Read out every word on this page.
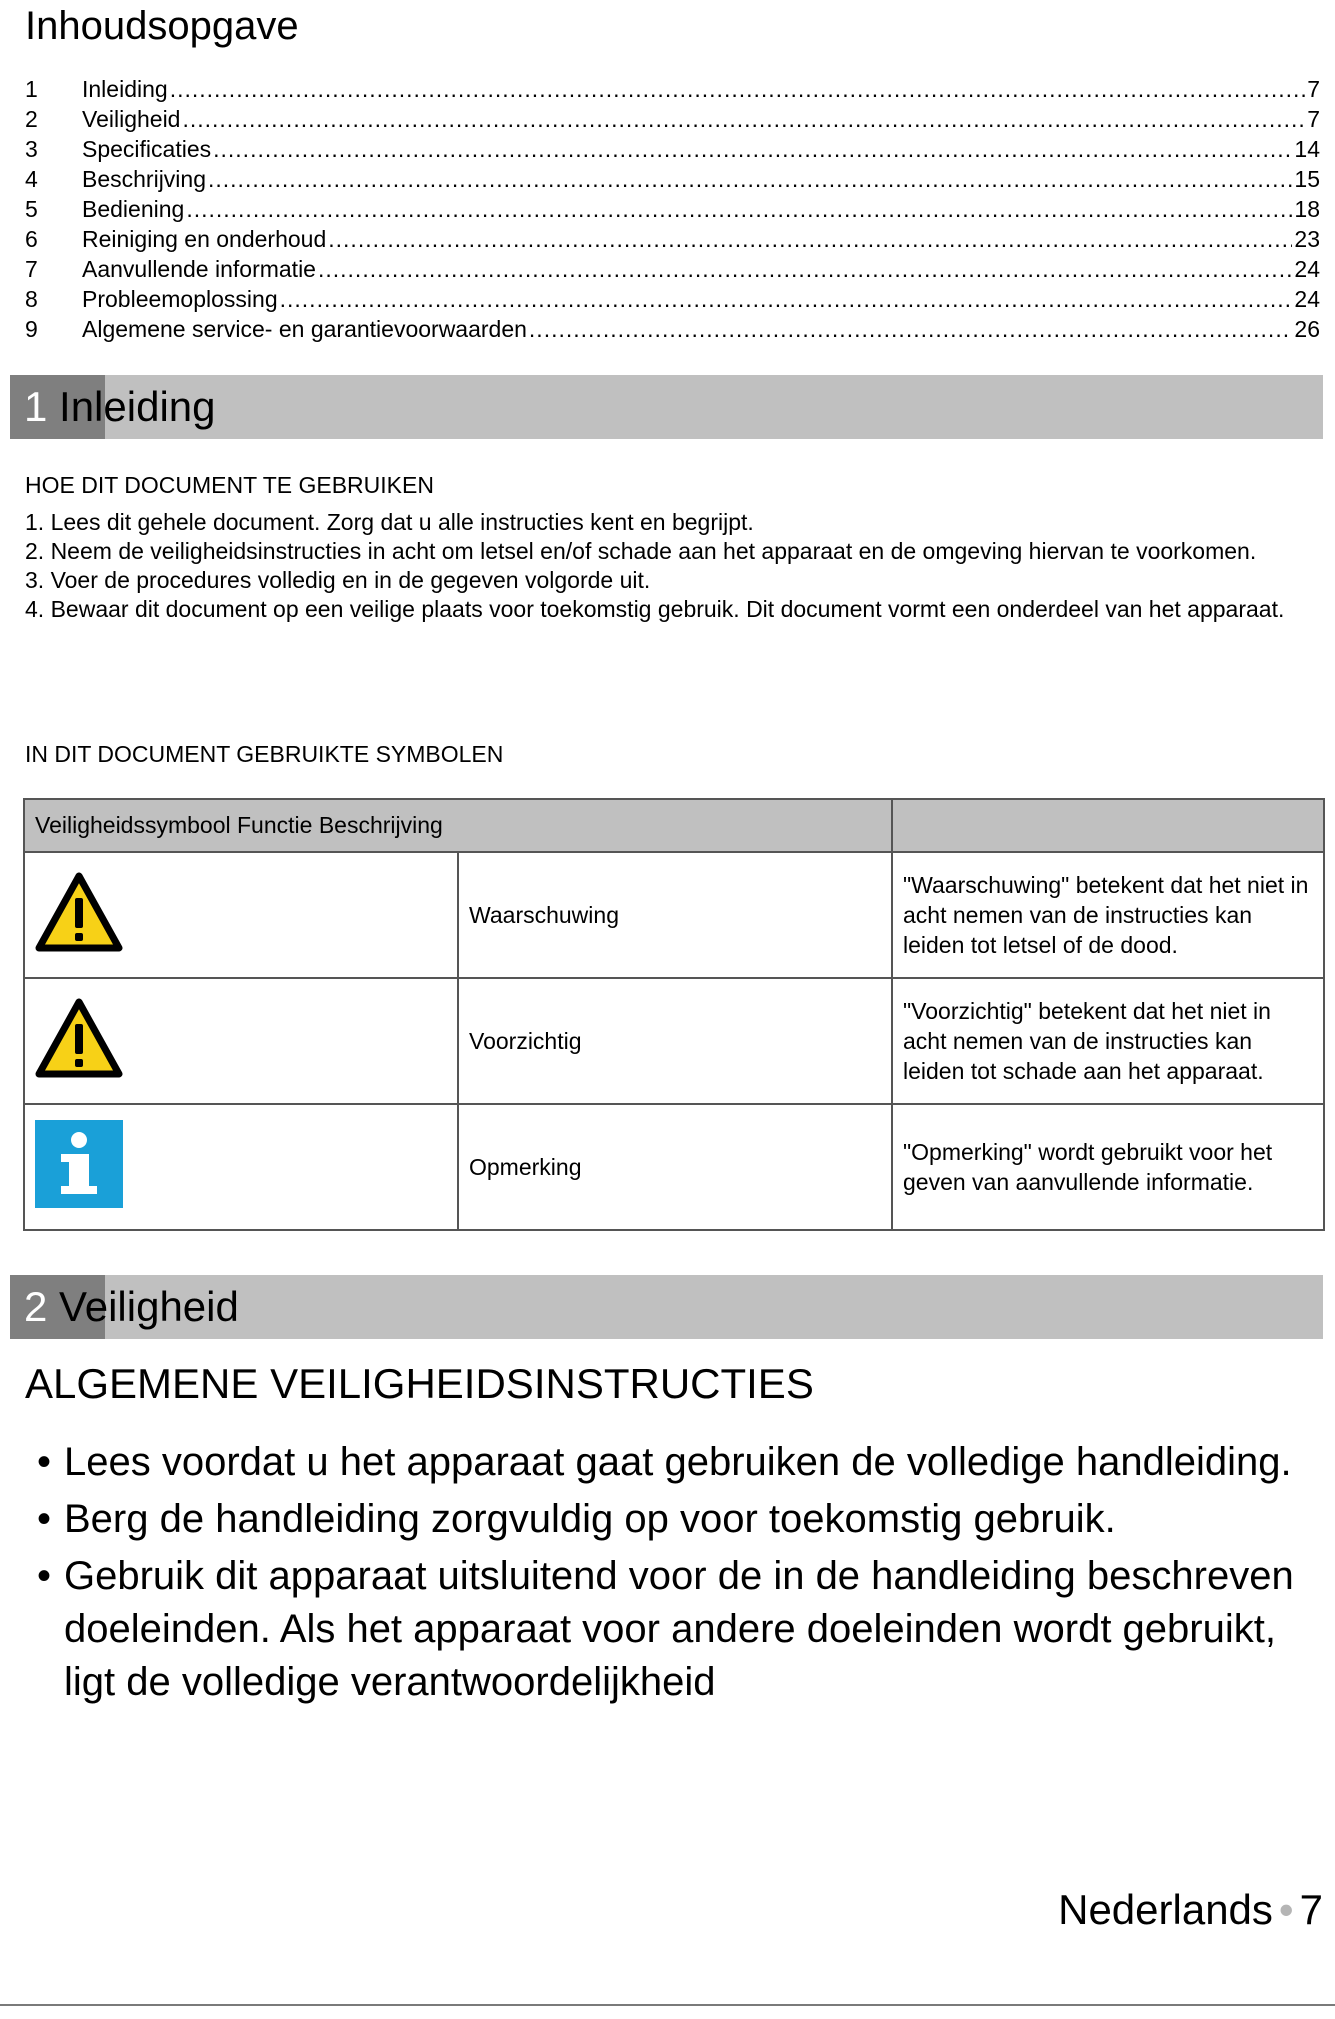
Inhoudsopgave
1	Inleiding .....	7
2	Veiligheid .....	7
3	Specificaties .....	14
4	Beschrijving .....	15
5	Bediening .....	18
6	Reiniging en onderhoud .....	23
7	Aanvullende informatie .....	24
8	Probleemoplossing .....	24
9	Algemene service- en garantievoorwaarden .....	26
1 Inleiding
HOE DIT DOCUMENT TE GEBRUIKEN
1. Lees dit gehele document. Zorg dat u alle instructies kent en begrijpt.
2. Neem de veiligheidsinstructies in acht om letsel en/of schade aan het apparaat en de omgeving hiervan te voorkomen.
3. Voer de procedures volledig en in de gegeven volgorde uit.
4. Bewaar dit document op een veilige plaats voor toekomstig gebruik. Dit document vormt een onderdeel van het apparaat.
IN DIT DOCUMENT GEBRUIKTE SYMBOLEN
Veiligheidssymbool Functie Beschrijving		
	Waarschuwing	"Waarschuwing" betekent dat het niet in acht nemen van de instructies kan leiden tot letsel of de dood.
	Voorzichtig	"Voorzichtig" betekent dat het niet in acht nemen van de instructies kan leiden tot schade aan het apparaat.
	Opmerking	"Opmerking" wordt gebruikt voor het geven van aanvullende informatie.
2 Veiligheid
ALGEMENE VEILIGHEIDSINSTRUCTIES
• Lees voordat u het apparaat gaat gebruiken de volledige handleiding.
• Berg de handleiding zorgvuldig op voor toekomstig gebruik.
• Gebruik dit apparaat uitsluitend voor de in de handleiding beschreven doeleinden. Als het apparaat voor andere doeleinden wordt gebruikt, ligt de volledige verantwoordelijkheid
Nederlands • 7
